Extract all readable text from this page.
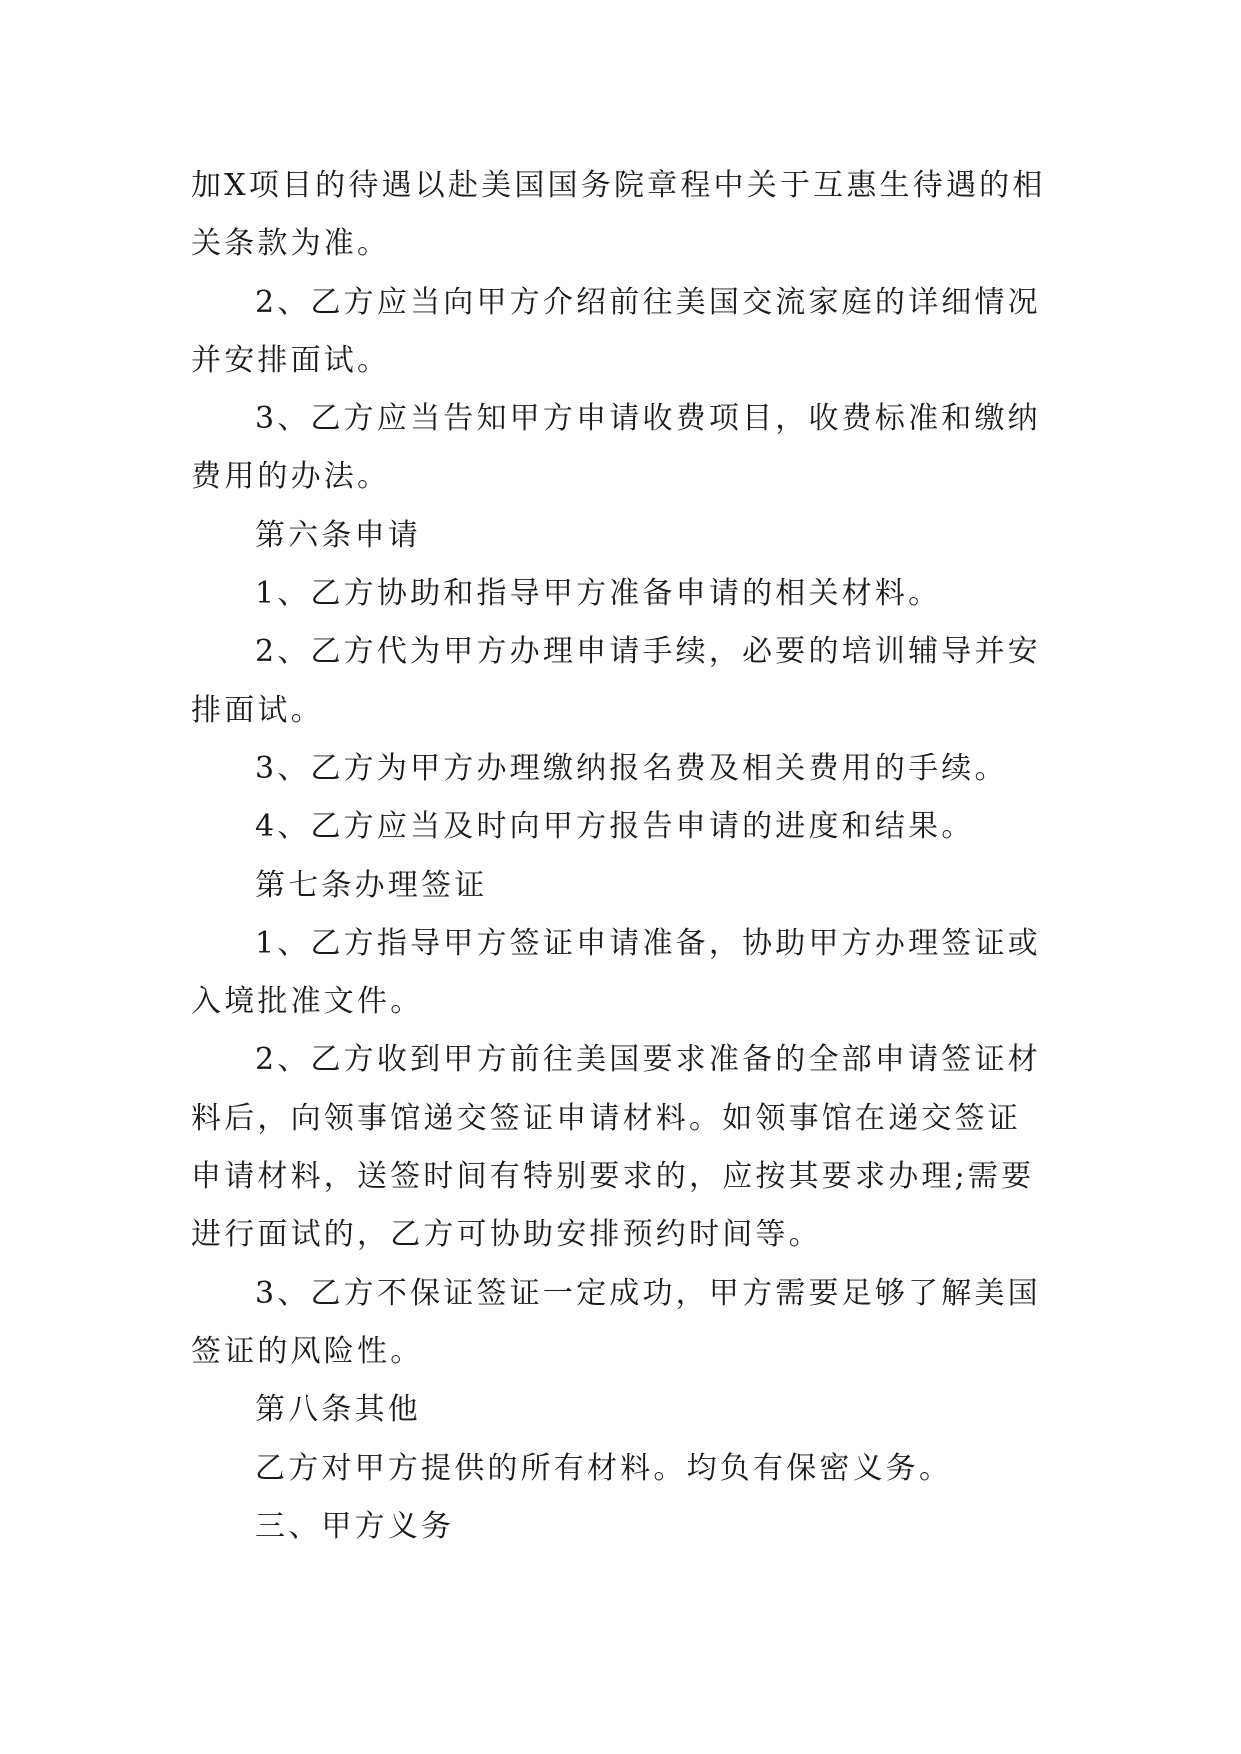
加X项目的待遇以赴美国国务院章程中关于互惠生待遇的相关条款为准。

2、乙方应当向甲方介绍前往美国交流家庭的详细情况并安排面试。

3、乙方应当告知甲方申请收费项目，收费标准和缴纳费用的办法。

第六条申请

1、乙方协助和指导甲方准备申请的相关材料。

2、乙方代为甲方办理申请手续，必要的培训辅导并安排面试。

3、乙方为甲方办理缴纳报名费及相关费用的手续。

4、乙方应当及时向甲方报告申请的进度和结果。

第七条办理签证

1、乙方指导甲方签证申请准备，协助甲方办理签证或入境批准文件。

2、乙方收到甲方前往美国要求准备的全部申请签证材料后，向领事馆递交签证申请材料。如领事馆在递交签证申请材料，送签时间有特别要求的，应按其要求办理;需要进行面试的，乙方可协助安排预约时间等。

3、乙方不保证签证一定成功，甲方需要足够了解美国签证的风险性。

第八条其他

乙方对甲方提供的所有材料。均负有保密义务。

三、甲方义务
